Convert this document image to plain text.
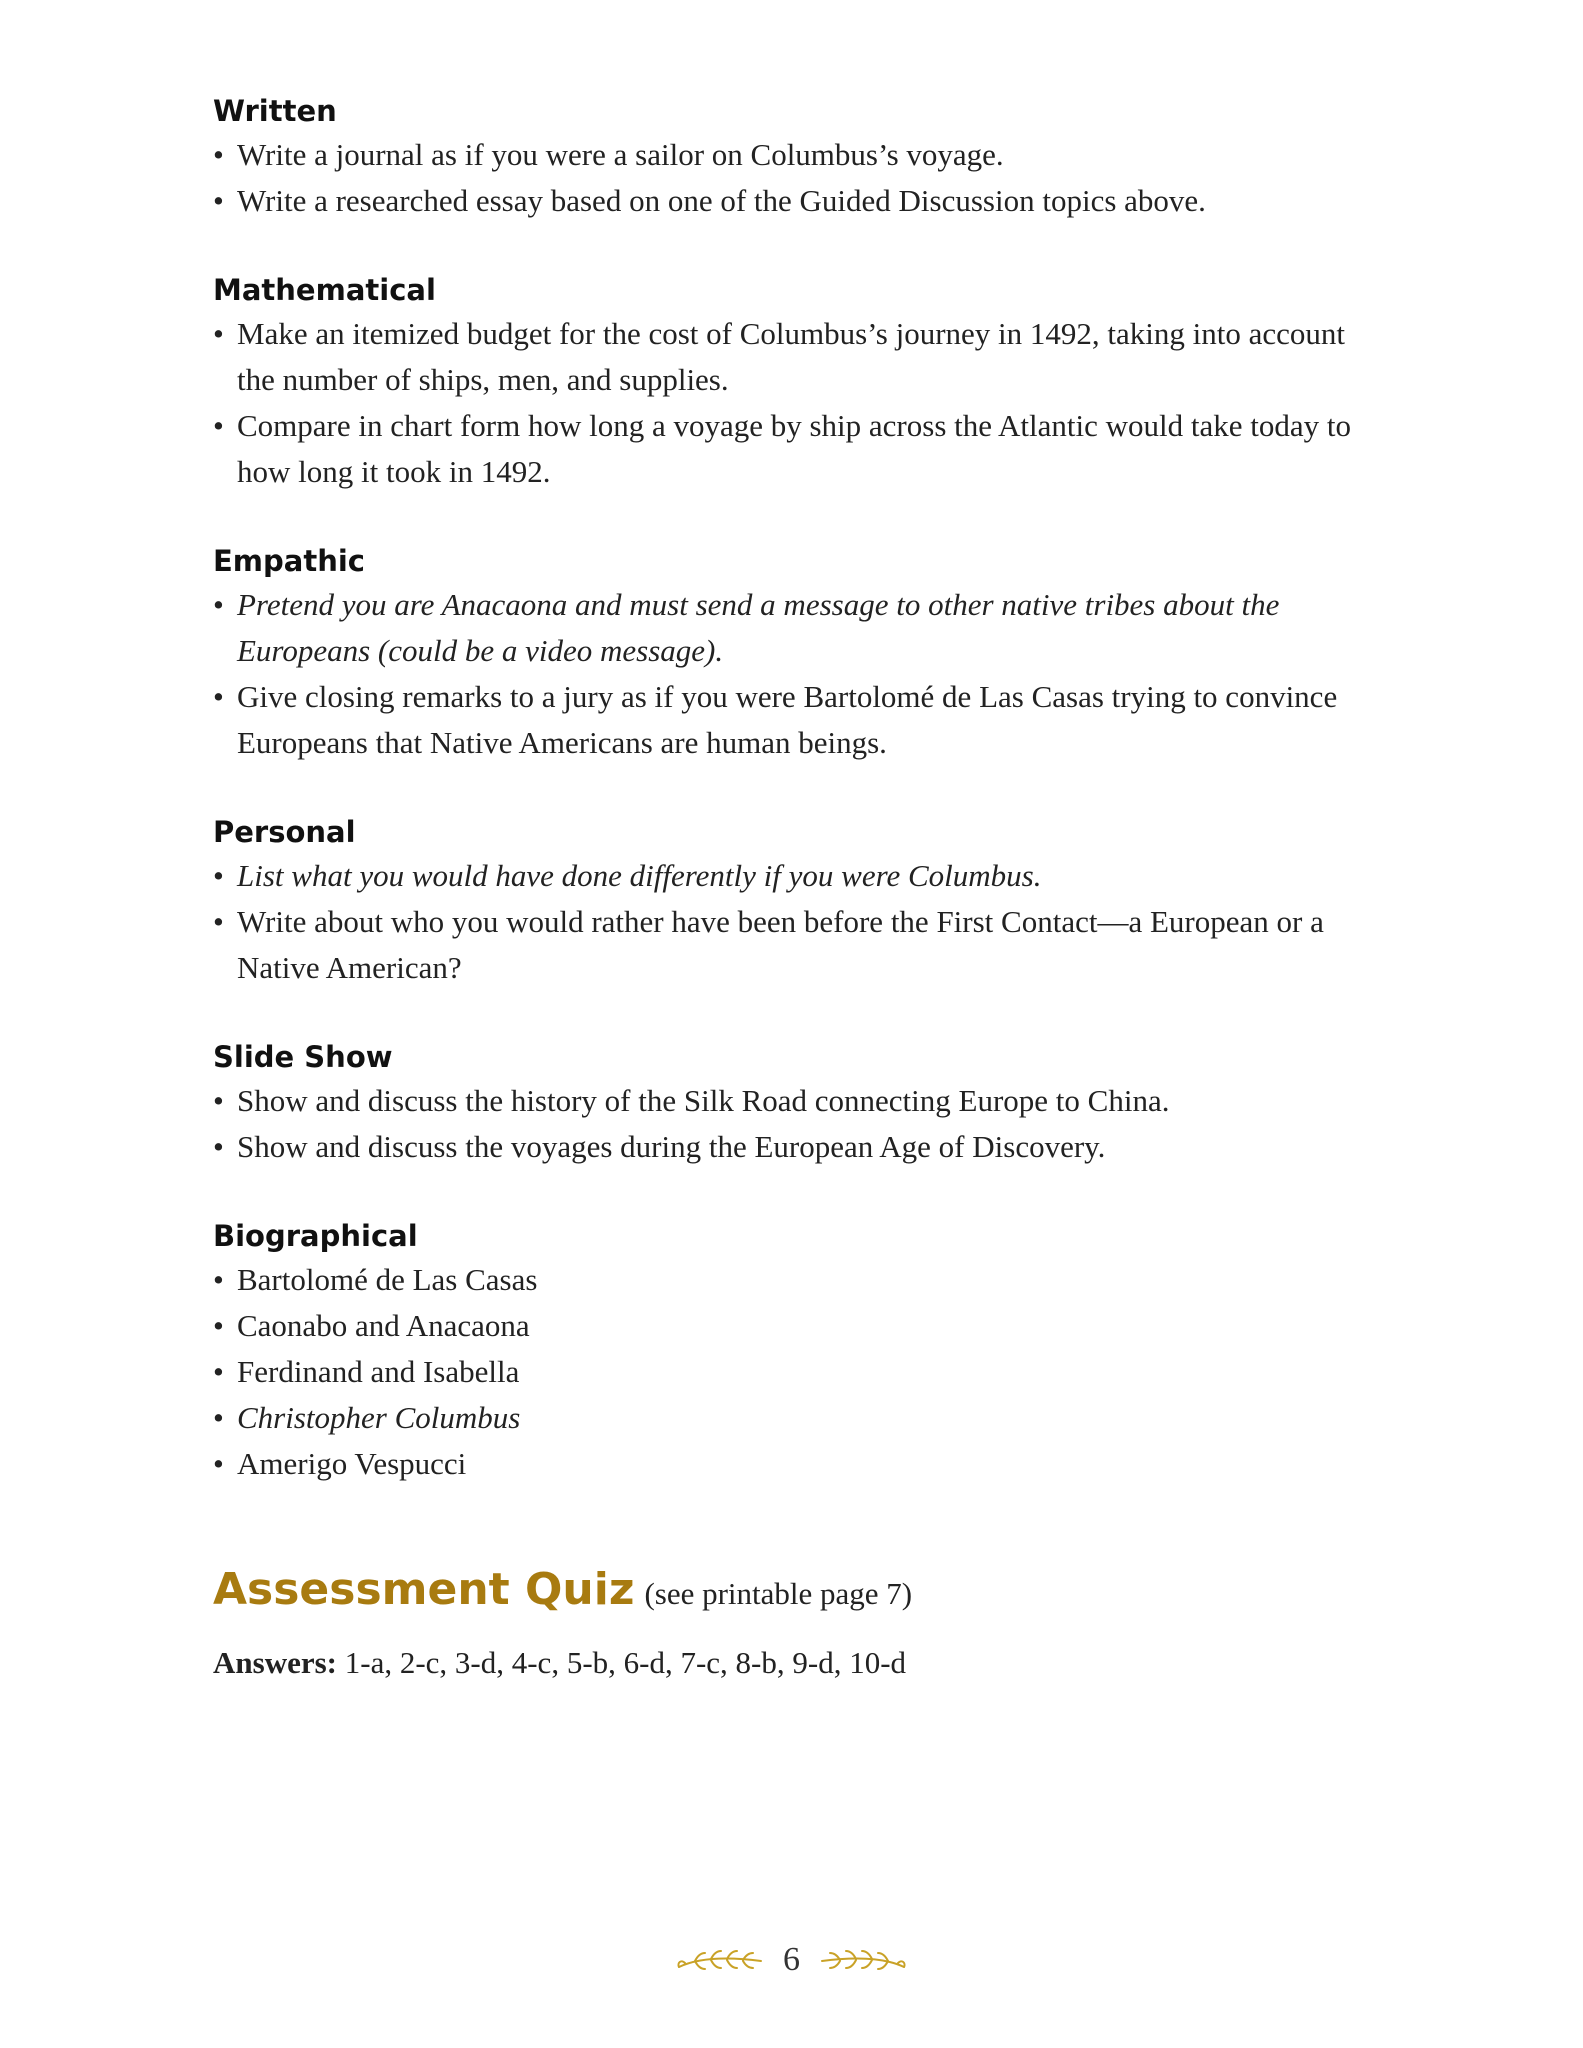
Written
• Write a journal as if you were a sailor on Columbus’s voyage.
• Write a researched essay based on one of the Guided Discussion topics above.
Mathematical
• Make an itemized budget for the cost of Columbus’s journey in 1492, taking into account the number of ships, men, and supplies.
• Compare in chart form how long a voyage by ship across the Atlantic would take today to how long it took in 1492.
Empathic
• Pretend you are Anacaona and must send a message to other native tribes about the Europeans (could be a video message).
• Give closing remarks to a jury as if you were Bartolomé de Las Casas trying to convince Europeans that Native Americans are human beings.
Personal
• List what you would have done differently if you were Columbus.
• Write about who you would rather have been before the First Contact—a European or a Native American?
Slide Show
• Show and discuss the history of the Silk Road connecting Europe to China.
• Show and discuss the voyages during the European Age of Discovery.
Biographical
• Bartolomé de Las Casas
• Caonabo and Anacaona
• Ferdinand and Isabella
• Christopher Columbus
• Amerigo Vespucci

Assessment Quiz (see printable page 7)

Answers: 1-a, 2-c, 3-d, 4-c, 5-b, 6-d, 7-c, 8-b, 9-d, 10-d

6
